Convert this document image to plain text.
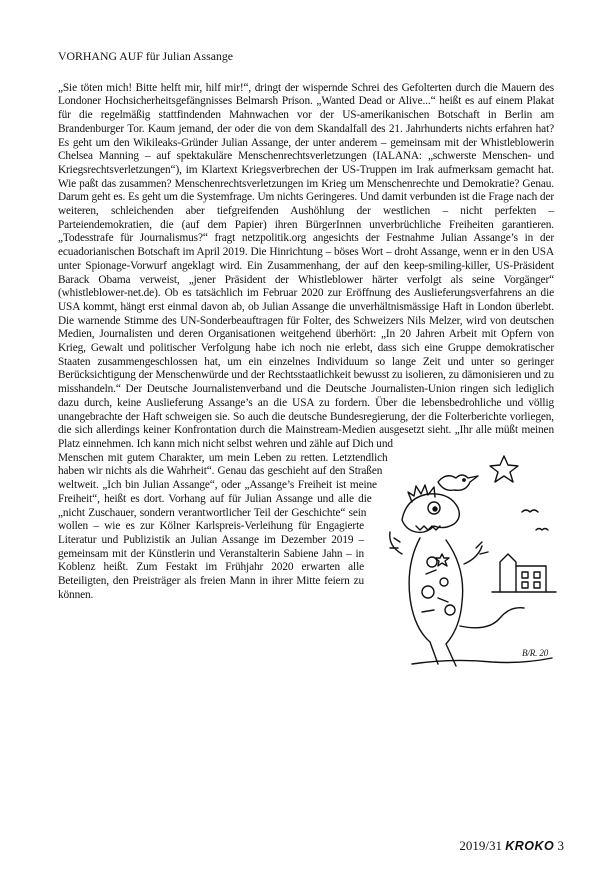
VORHANG AUF für Julian Assange

„Sie töten mich! Bitte helft mir, hilf mir!“, dringt der wispernde Schrei des Gefolterten durch die Mauern des Londoner Hochsicherheitsgefängnisses Belmarsh Prison. „Wanted Dead or Alive...“ heißt es auf einem Plakat für die regelmäßig stattfindenden Mahnwachen vor der US-amerikanischen Botschaft in Berlin am Brandenburger Tor. Kaum jemand, der oder die von dem Skandalfall des 21. Jahrhunderts nichts erfahren hat? Es geht um den Wikileaks-Gründer Julian Assange, der unter anderem – gemeinsam mit der Whistleblowerin Chelsea Manning – auf spektakuläre Menschenrechtsverletzungen (IALANA: „schwerste Menschen- und Kriegsrechtsverletzungen“), im Klartext Kriegsverbrechen der US-Truppen im Irak aufmerksam gemacht hat. Wie paßt das zusammen? Menschenrechtsverletzungen im Krieg um Menschenrechte und Demokratie? Genau. Darum geht es. Es geht um die Systemfrage. Um nichts Geringeres. Und damit verbunden ist die Frage nach der weiteren, schleichenden aber tiefgreifenden Aushöhlung der westlichen – nicht perfekten – Parteiendemokratien, die (auf dem Papier) ihren BürgerInnen unverbrüchliche Freiheiten garantieren. „Todesstrafe für Journalismus?“ fragt netzpolitik.org angesichts der Festnahme Julian Assange’s in der ecuadorianischen Botschaft im April 2019. Die Hinrichtung – böses Wort – droht Assange, wenn er in den USA unter Spionage-Vorwurf angeklagt wird. Ein Zusammenhang, der auf den keep-smiling-killer, US-Präsident Barack Obama verweist, „jener Präsident der Whistleblower härter verfolgt als seine Vorgänger“ (whistleblower-net.de). Ob es tatsächlich im Februar 2020 zur Eröffnung des Auslieferungsverfahrens an die USA kommt, hängt erst einmal davon ab, ob Julian Assange die unverhältnismässige Haft in London überlebt. Die warnende Stimme des UN-Sonderbeauftragen für Folter, des Schweizers Nils Melzer, wird von deutschen Medien, Journalisten und deren Organisationen weitgehend überhört: „In 20 Jahren Arbeit mit Opfern von Krieg, Gewalt und politischer Verfolgung habe ich noch nie erlebt, dass sich eine Gruppe demokratischer Staaten zusammengeschlossen hat, um ein einzelnes Individuum so lange Zeit und unter so geringer Berücksichtigung der Menschenwürde und der Rechtsstaatlichkeit bewusst zu isolieren, zu dämonisieren und zu misshandeln.“ Der Deutsche Journalistenverband und die Deutsche Journalisten-Union ringen sich lediglich dazu durch, keine Auslieferung Assange’s an die USA zu fordern. Über die lebensbedrohliche und völlig unangebrachte der Haft schweigen sie. So auch die deutsche Bundesregierung, der die Folterberichte vorliegen, die sich allerdings keiner Konfrontation durch die Mainstream-Medien ausgesetzt sieht.
B/R. 20
„Ihr alle müßt meinen Platz einnehmen. Ich kann mich nicht selbst wehren und zähle auf Dich und Menschen mit gutem Charakter, um mein Leben zu retten. Letztendlich haben wir nichts als die Wahrheit“. Genau das geschieht auf den Straßen weltweit. „Ich bin Julian Assange“, oder „Assange’s Freiheit ist meine Freiheit“, heißt es dort. Vorhang auf für Julian Assange und alle die „nicht Zuschauer, sondern verantwortlicher Teil der Geschichte“ sein wollen – wie es zur Kölner Karlspreis-Verleihung für Engagierte Literatur und Publizistik an Julian Assange im Dezember 2019 – gemeinsam mit der Künstlerin und Veranstalterin Sabiene Jahn – in Koblenz heißt. Zum Festakt im Frühjahr 2020 erwarten alle Beteiligten, den Preisträger als freien Mann in ihrer Mitte feiern zu können.

2019/31 KROKO 3
